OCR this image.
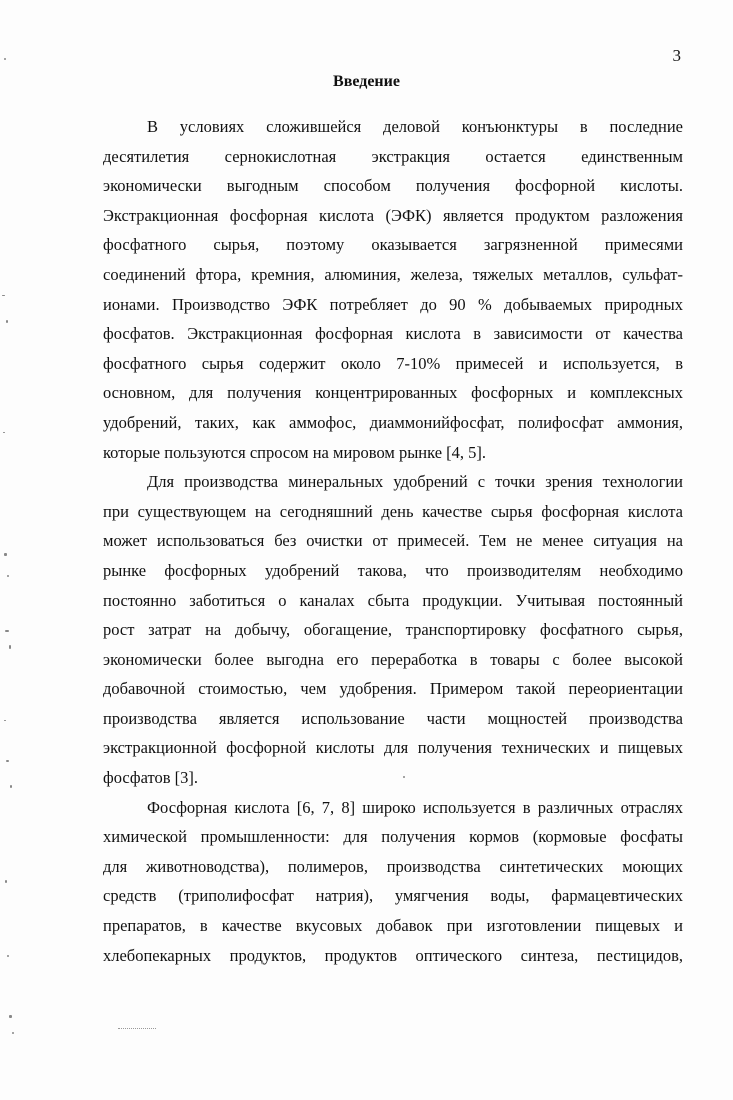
3
Введение
В условиях сложившейся деловой конъюнктуры в последние
десятилетия сернокислотная экстракция остается единственным
экономически выгодным способом получения фосфорной кислоты.
Экстракционная фосфорная кислота (ЭФК) является продуктом разложения
фосфатного сырья, поэтому оказывается загрязненной примесями
соединений фтора, кремния, алюминия, железа, тяжелых металлов, сульфат-
ионами. Производство ЭФК потребляет до 90 % добываемых природных
фосфатов. Экстракционная фосфорная кислота в зависимости от качества
фосфатного сырья содержит около 7-10% примесей и используется, в
основном, для получения концентрированных фосфорных и комплексных
удобрений, таких, как аммофос, диаммонийфосфат, полифосфат аммония,
которые пользуются спросом на мировом рынке [4, 5].
Для производства минеральных удобрений с точки зрения технологии
при существующем на сегодняшний день качестве сырья фосфорная кислота
может использоваться без очистки от примесей. Тем не менее ситуация на
рынке фосфорных удобрений такова, что производителям необходимо
постоянно заботиться о каналах сбыта продукции. Учитывая постоянный
рост затрат на добычу, обогащение, транспортировку фосфатного сырья,
экономически более выгодна его переработка в товары с более высокой
добавочной стоимостью, чем удобрения. Примером такой переориентации
производства является использование части мощностей производства
экстракционной фосфорной кислоты для получения технических и пищевых
фосфатов [3].
Фосфорная кислота [6, 7, 8] широко используется в различных отраслях
химической промышленности: для получения кормов (кормовые фосфаты
для животноводства), полимеров, производства синтетических моющих
средств (триполифосфат натрия), умягчения воды, фармацевтических
препаратов, в качестве вкусовых добавок при изготовлении пищевых и
хлебопекарных продуктов, продуктов оптического синтеза, пестицидов,
